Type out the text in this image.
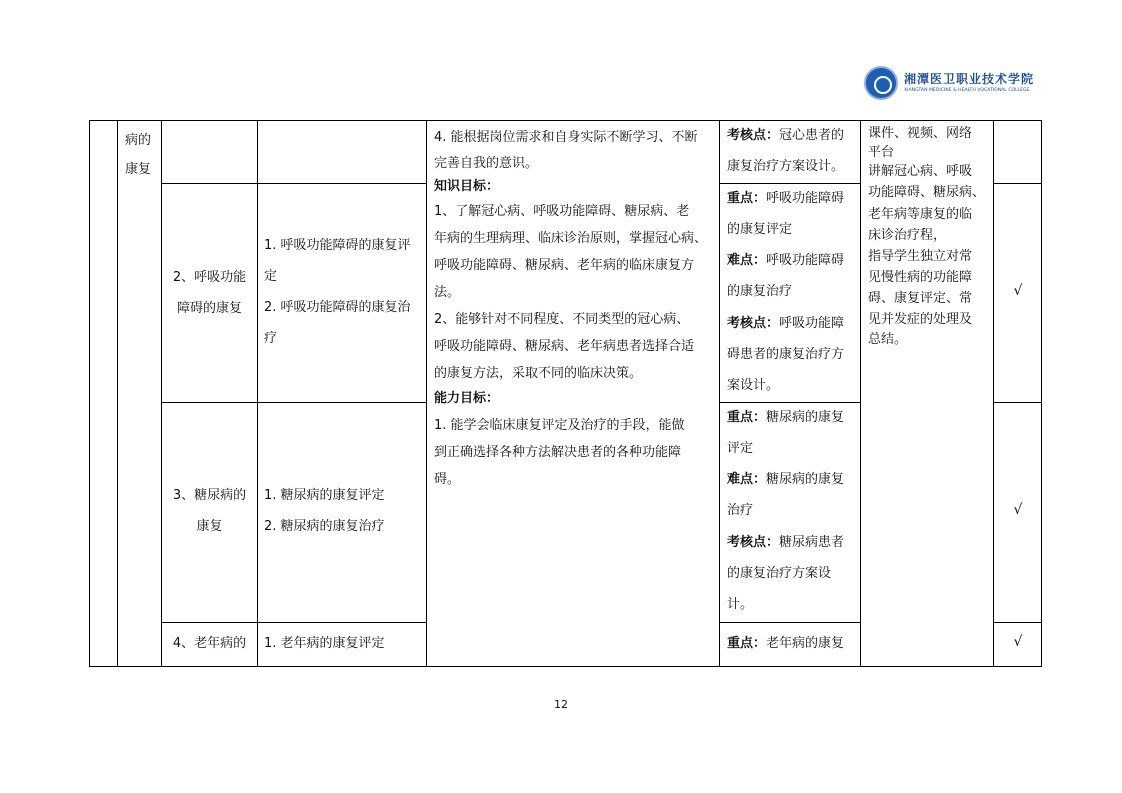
湘潭医卫职业技术学院
XIANGTAN MEDICINE & HEALTH VOCATIONAL COLLEGE
病的
康复
2、呼吸功能
障碍的康复
1. 呼吸功能障碍的康复评
定
2. 呼吸功能障碍的康复治
疗
3、糖尿病的
康复
1. 糖尿病的康复评定
2. 糖尿病的康复治疗
4、老年病的	1. 老年病的康复评定
4. 能根据岗位需求和自身实际不断学习、不断
完善自我的意识。
知识目标：
1、了解冠心病、呼吸功能障碍、糖尿病、老
年病的生理病理、临床诊治原则，掌握冠心病、
呼吸功能障碍、糖尿病、老年病的临床康复方
法。
2、能够针对不同程度、不同类型的冠心病、
呼吸功能障碍、糖尿病、老年病患者选择合适
的康复方法，采取不同的临床决策。
能力目标：
1. 能学会临床康复评定及治疗的手段，能做
到正确选择各种方法解决患者的各种功能障
碍。
考核点：冠心患者的
康复治疗方案设计。
重点：呼吸功能障碍
的康复评定
难点：呼吸功能障碍
的康复治疗
考核点：呼吸功能障
碍患者的康复治疗方
案设计。
重点：糖尿病的康复
评定
难点：糖尿病的康复
治疗
考核点：糖尿病患者
的康复治疗方案设
计。
重点：老年病的康复
课件、视频、网络
平台
讲解冠心病、呼吸
功能障碍、糖尿病、
老年病等康复的临
床诊治疗程，
指导学生独立对常
见慢性病的功能障
碍、康复评定、常
见并发症的处理及
总结。
√
√
√
12
